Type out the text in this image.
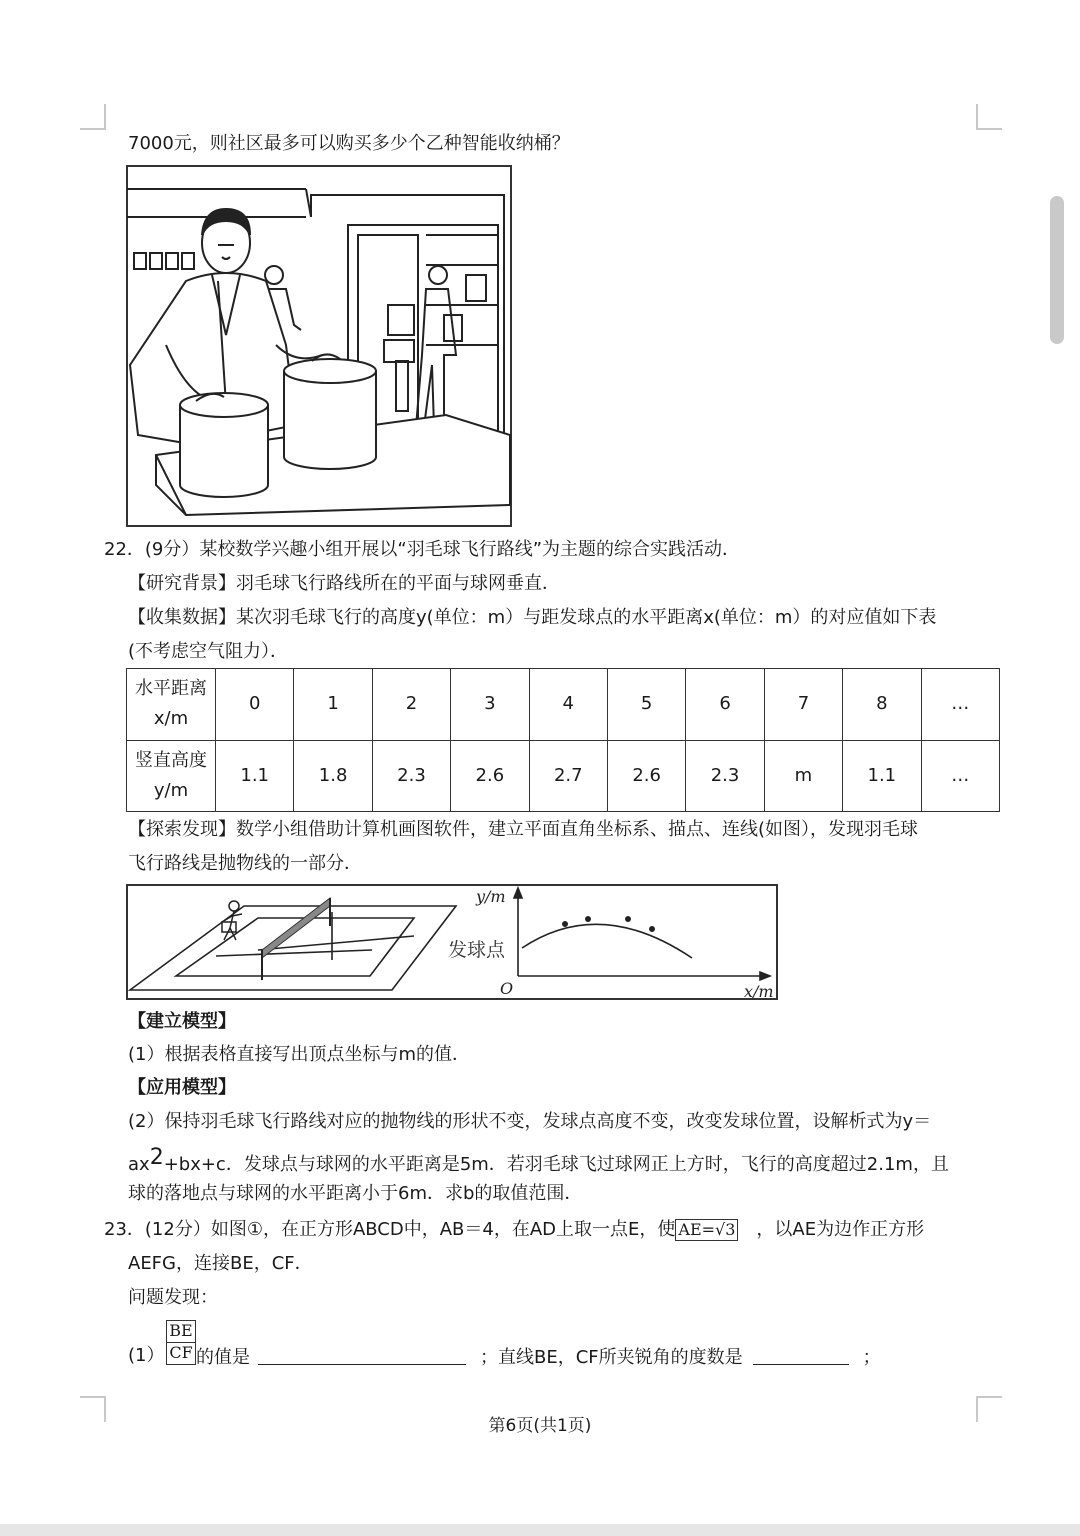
7000元，则社区最多可以购买多少个乙种智能收纳桶？
22．(9分）某校数学兴趣小组开展以“羽毛球飞行路线”为主题的综合实践活动．
【研究背景】羽毛球飞行路线所在的平面与球网垂直．
【收集数据】某次羽毛球飞行的高度y(单位：m）与距发球点的水平距离x(单位：m）的对应值如下表
(不考虑空气阻力）．
水平距离
x/m	0	1	2	3	4	5	6	7	8	…

竖直高度
y/m	1.1	1.8	2.3	2.6	2.7	2.6	2.3	m	1.1	…
【探索发现】数学小组借助计算机画图软件，建立平面直角坐标系、描点、连线(如图），发现羽毛球
飞行路线是抛物线的一部分．
y/m
x/m
O
发球点
【建立模型】
(1）根据表格直接写出顶点坐标与m的值．
【应用模型】
(2）保持羽毛球飞行路线对应的抛物线的形状不变，发球点高度不变，改变发球位置，设解析式为y＝
ax2+bx+c．发球点与球网的水平距离是5m．若羽毛球飞过球网正上方时，飞行的高度超过2.1m，且
球的落地点与球网的水平距离小于6m．求b的取值范围．
23．(12分）如图①，在正方形ABCD中，AB＝4，在AD上取一点E，使 AE=√3 ，以AE为边作正方形
AEFG，连接BE，CF．
问题发现：
$\frac{BE}{CF}$
(1） 的值是	；直线BE，CF所夹锐角的度数是	；
第6页(共1页)
